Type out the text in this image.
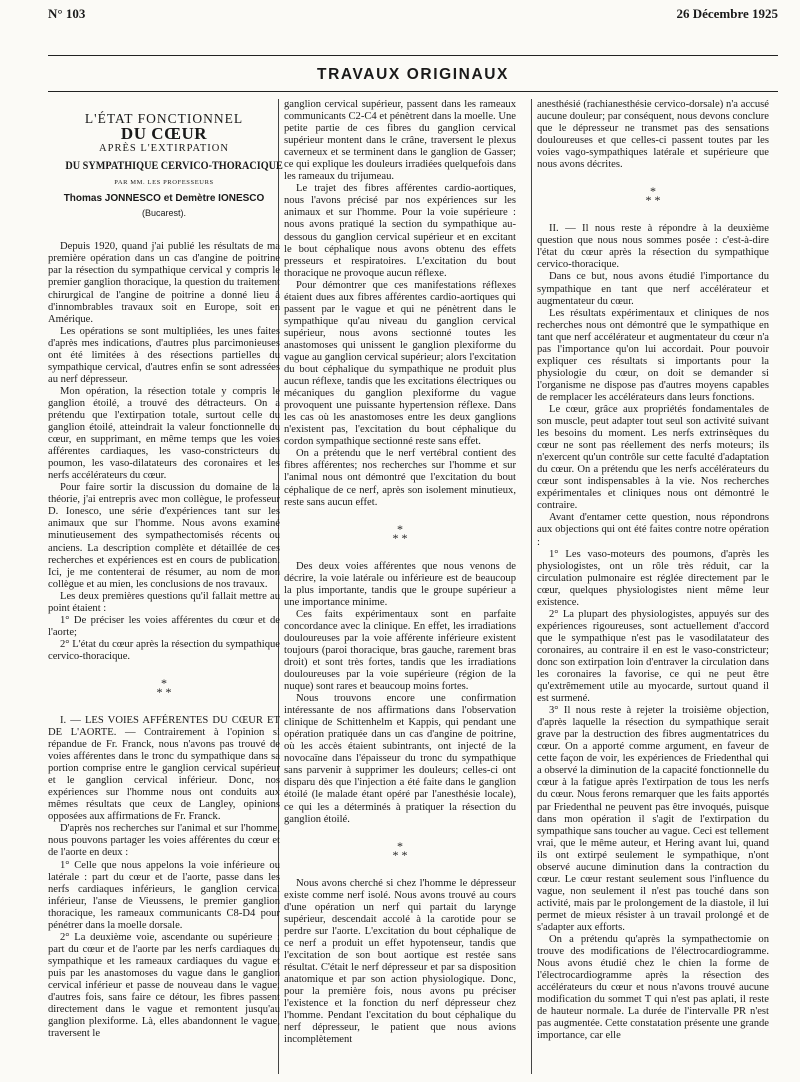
N° 103	26 Décembre 1925
TRAVAUX ORIGINAUX
L'ÉTAT FONCTIONNEL
DU CŒUR
APRÈS L'EXTIRPATION
DU SYMPATHIQUE CERVICO-THORACIQUE
PAR MM. LES PROFESSEURS
Thomas JONNESCO et Demètre IONESCO
(Bucarest).

Depuis 1920, quand j'ai publié les résultats de ma première opération dans un cas d'angine de poitrine par la résection du sympathique cervical y compris le premier ganglion thoracique, la question du traitement chirurgical de l'angine de poitrine a donné lieu à d'innombrables travaux soit en Europe, soit en Amérique.

Les opérations se sont multipliées, les unes faites d'après mes indications, d'autres plus parcimonieuses ont été limitées à des résections partielles du sympathique cervical, d'autres enfin se sont adressées au nerf dépresseur.

Mon opération, la résection totale y compris le ganglion étoilé, a trouvé des détracteurs. On a prétendu que l'extirpation totale, surtout celle du ganglion étoilé, atteindrait la valeur fonctionnelle du cœur, en supprimant, en même temps que les voies afférentes cardiaques, les vaso-constricteurs du poumon, les vaso-dilatateurs des coronaires et les nerfs accélérateurs du cœur.

Pour faire sortir la discussion du domaine de la théorie, j'ai entrepris avec mon collègue, le professeur D. Ionesco, une série d'expériences tant sur les animaux que sur l'homme. Nous avons examiné minutieusement des sympathectomisés récents ou anciens. La description complète et détaillée de ces recherches et expériences est en cours de publication. Ici, je me contenterai de résumer, au nom de mon collègue et au mien, les conclusions de nos travaux.

Les deux premières questions qu'il fallait mettre au point étaient :

1° De préciser les voies afférentes du cœur et de l'aorte;

2° L'état du cœur après la résection du sympathique cervico-thoracique.

*
* *

I. — LES VOIES AFFÉRENTES DU CŒUR ET DE L'AORTE. — Contrairement à l'opinion si répandue de Fr. Franck, nous n'avons pas trouvé de voies afférentes dans le tronc du sympathique dans sa portion comprise entre le ganglion cervical supérieur et le ganglion cervical inférieur. Donc, nos expériences sur l'homme nous ont conduits aux mêmes résultats que ceux de Langley, opinions opposées aux affirmations de Fr. Franck.

D'après nos recherches sur l'animal et sur l'homme, nous pouvons partager les voies afférentes du cœur et de l'aorte en deux :

1° Celle que nous appelons la voie inférieure ou latérale : part du cœur et de l'aorte, passe dans les nerfs cardiaques inférieurs, le ganglion cervical inférieur, l'anse de Vieussens, le premier ganglion thoracique, les rameaux communicants C8-D4 pour pénétrer dans la moelle dorsale.

2° La deuxième voie, ascendante ou supérieure : part du cœur et de l'aorte par les nerfs cardiaques du sympathique et les rameaux cardiaques du vague et puis par les anastomoses du vague dans le ganglion cervical inférieur et passe de nouveau dans le vague; d'autres fois, sans faire ce détour, les fibres passent directement dans le vague et remontent jusqu'au ganglion plexiforme. Là, elles abandonnent le vague, traversent le

ganglion cervical supérieur, passent dans les rameaux communicants C2-C4 et pénètrent dans la moelle. Une petite partie de ces fibres du ganglion cervical supérieur montent dans le crâne, traversent le plexus caverneux et se terminent dans le ganglion de Gasser; ce qui explique les douleurs irradiées quelquefois dans les rameaux du trijumeau.

Le trajet des fibres afférentes cardio-aortiques, nous l'avons précisé par nos expériences sur les animaux et sur l'homme. Pour la voie supérieure : nous avons pratiqué la section du sympathique au-dessous du ganglion cervical supérieur et en excitant le bout céphalique nous avons obtenu des effets presseurs et respiratoires. L'excitation du bout thoracique ne provoque aucun réflexe.

Pour démontrer que ces manifestations réflexes étaient dues aux fibres afférentes cardio-aortiques qui passent par le vague et qui ne pénètrent dans le sympathique qu'au niveau du ganglion cervical supérieur, nous avons sectionné toutes les anastomoses qui unissent le ganglion plexiforme du vague au ganglion cervical supérieur; alors l'excitation du bout céphalique du sympathique ne produit plus aucun réflexe, tandis que les excitations électriques ou mécaniques du ganglion plexiforme du vague provoquent une puissante hypertension réflexe. Dans les cas où les anastomoses entre les deux ganglions n'existent pas, l'excitation du bout céphalique du cordon sympathique sectionné reste sans effet.

On a prétendu que le nerf vertébral contient des fibres afférentes; nos recherches sur l'homme et sur l'animal nous ont démontré que l'excitation du bout céphalique de ce nerf, après son isolement minutieux, reste sans aucun effet.

*
* *

Des deux voies afférentes que nous venons de décrire, la voie latérale ou inférieure est de beaucoup la plus importante, tandis que le groupe supérieur a une importance minime.

Ces faits expérimentaux sont en parfaite concordance avec la clinique. En effet, les irradiations douloureuses par la voie afférente inférieure existent toujours (paroi thoracique, bras gauche, rarement bras droit) et sont très fortes, tandis que les irradiations douloureuses par la voie supérieure (région de la nuque) sont rares et beaucoup moins fortes.

Nous trouvons encore une confirmation intéressante de nos affirmations dans l'observation clinique de Schittenhelm et Kappis, qui pendant une opération pratiquée dans un cas d'angine de poitrine, où les accès étaient subintrants, ont injecté de la novocaïne dans l'épaisseur du tronc du sympathique sans parvenir à supprimer les douleurs; celles-ci ont disparu dès que l'injection a été faite dans le ganglion étoilé (le malade étant opéré par l'anesthésie locale), ce qui les a déterminés à pratiquer la résection du ganglion étoilé.

*
* *

Nous avons cherché si chez l'homme le dépresseur existe comme nerf isolé. Nous avons trouvé au cours d'une opération un nerf qui partait du larynge supérieur, descendait accolé à la carotide pour se perdre sur l'aorte. L'excitation du bout céphalique de ce nerf a produit un effet hypotenseur, tandis que l'excitation de son bout aortique est restée sans résultat. C'était le nerf dépresseur et par sa disposition anatomique et par son action physiologique. Donc, pour la première fois, nous avons pu préciser l'existence et la fonction du nerf dépresseur chez l'homme. Pendant l'excitation du bout céphalique du nerf dépresseur, le patient que nous avions incomplètement

anesthésié (rachianesthésie cervico-dorsale) n'a accusé aucune douleur; par conséquent, nous devons conclure que le dépresseur ne transmet pas des sensations douloureuses et que celles-ci passent toutes par les voies vago-sympathiques latérale et supérieure que nous avons décrites.

*
* *

II. — Il nous reste à répondre à la deuxième question que nous nous sommes posée : c'est-à-dire l'état du cœur après la résection du sympathique cervico-thoracique.

Dans ce but, nous avons étudié l'importance du sympathique en tant que nerf accélérateur et augmentateur du cœur.

Les résultats expérimentaux et cliniques de nos recherches nous ont démontré que le sympathique en tant que nerf accélérateur et augmentateur du cœur n'a pas l'importance qu'on lui accordait. Pour pouvoir expliquer ces résultats si importants pour la physiologie du cœur, on doit se demander si l'organisme ne dispose pas d'autres moyens capables de remplacer les accélérateurs dans leurs fonctions.

Le cœur, grâce aux propriétés fondamentales de son muscle, peut adapter tout seul son activité suivant les besoins du moment. Les nerfs extrinsèques du cœur ne sont pas réellement des nerfs moteurs; ils n'exercent qu'un contrôle sur cette faculté d'adaptation du cœur. On a prétendu que les nerfs accélérateurs du cœur sont indispensables à la vie. Nos recherches expérimentales et cliniques nous ont démontré le contraire.

Avant d'entamer cette question, nous répondrons aux objections qui ont été faites contre notre opération :

1° Les vaso-moteurs des poumons, d'après les physiologistes, ont un rôle très réduit, car la circulation pulmonaire est réglée directement par le cœur, quelques physiologistes nient même leur existence.

2° La plupart des physiologistes, appuyés sur des expériences rigoureuses, sont actuellement d'accord que le sympathique n'est pas le vasodilatateur des coronaires, au contraire il en est le vaso-constricteur; donc son extirpation loin d'entraver la circulation dans les coronaires la favorise, ce qui ne peut être qu'extrêmement utile au myocarde, surtout quand il est surmené.

3° Il nous reste à rejeter la troisième objection, d'après laquelle la résection du sympathique serait grave par la destruction des fibres augmentatrices du cœur. On a apporté comme argument, en faveur de cette façon de voir, les expériences de Friedenthal qui a observé la diminution de la capacité fonctionnelle du cœur à la fatigue après l'extirpation de tous les nerfs du cœur. Nous ferons remarquer que les faits apportés par Friedenthal ne peuvent pas être invoqués, puisque dans mon opération il s'agit de l'extirpation du sympathique sans toucher au vague. Ceci est tellement vrai, que le même auteur, et Hering avant lui, quand ils ont extirpé seulement le sympathique, n'ont observé aucune diminution dans la contraction du cœur. Le cœur restant seulement sous l'influence du vague, non seulement il n'est pas touché dans son activité, mais par le prolongement de la diastole, il lui permet de mieux résister à un travail prolongé et de s'adapter aux efforts.

On a prétendu qu'après la sympathectomie on trouve des modifications de l'électrocardiogramme. Nous avons étudié chez le chien la forme de l'électrocardiogramme après la résection des accélérateurs du cœur et nous n'avons trouvé aucune modification du sommet T qui n'est pas aplati, il reste de hauteur normale. La durée de l'intervalle PR n'est pas augmentée. Cette constatation présente une grande importance, car elle
